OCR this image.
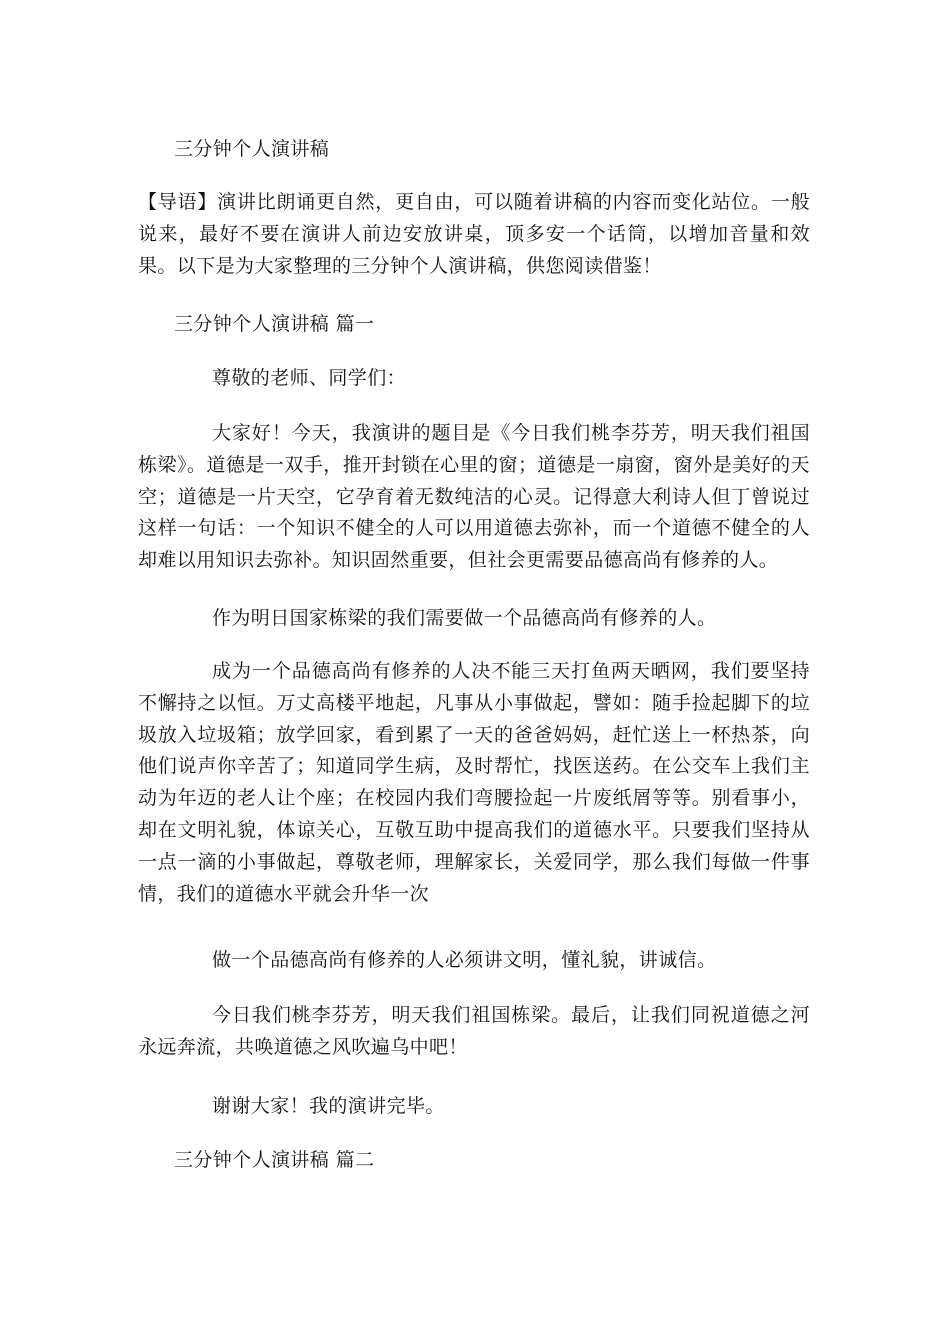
三分钟个人演讲稿

【导语】演讲比朗诵更自然，更自由，可以随着讲稿的内容而变化站位。一般说来，最好不要在演讲人前边安放讲桌，顶多安一个话筒，以增加音量和效果。以下是为大家整理的三分钟个人演讲稿，供您阅读借鉴！

三分钟个人演讲稿 篇一

尊敬的老师、同学们：

大家好！今天，我演讲的题目是《今日我们桃李芬芳，明天我们祖国栋梁》。道德是一双手，推开封锁在心里的窗；道德是一扇窗，窗外是美好的天空；道德是一片天空，它孕育着无数纯洁的心灵。记得意大利诗人但丁曾说过这样一句话：一个知识不健全的人可以用道德去弥补，而一个道德不健全的人却难以用知识去弥补。知识固然重要，但社会更需要品德高尚有修养的人。

作为明日国家栋梁的我们需要做一个品德高尚有修养的人。

成为一个品德高尚有修养的人决不能三天打鱼两天晒网，我们要坚持不懈持之以恒。万丈高楼平地起，凡事从小事做起，譬如：随手捡起脚下的垃圾放入垃圾箱；放学回家，看到累了一天的爸爸妈妈，赶忙送上一杯热茶，向他们说声你辛苦了；知道同学生病，及时帮忙，找医送药。在公交车上我们主动为年迈的老人让个座；在校园内我们弯腰捡起一片废纸屑等等。别看事小，却在文明礼貌，体谅关心，互敬互助中提高我们的道德水平。只要我们坚持从一点一滴的小事做起，尊敬老师，理解家长，关爱同学，那么我们每做一件事情，我们的道德水平就会升华一次

做一个品德高尚有修养的人必须讲文明，懂礼貌，讲诚信。

今日我们桃李芬芳，明天我们祖国栋梁。最后，让我们同祝道德之河永远奔流，共唤道德之风吹遍乌中吧！

谢谢大家！我的演讲完毕。

三分钟个人演讲稿 篇二
